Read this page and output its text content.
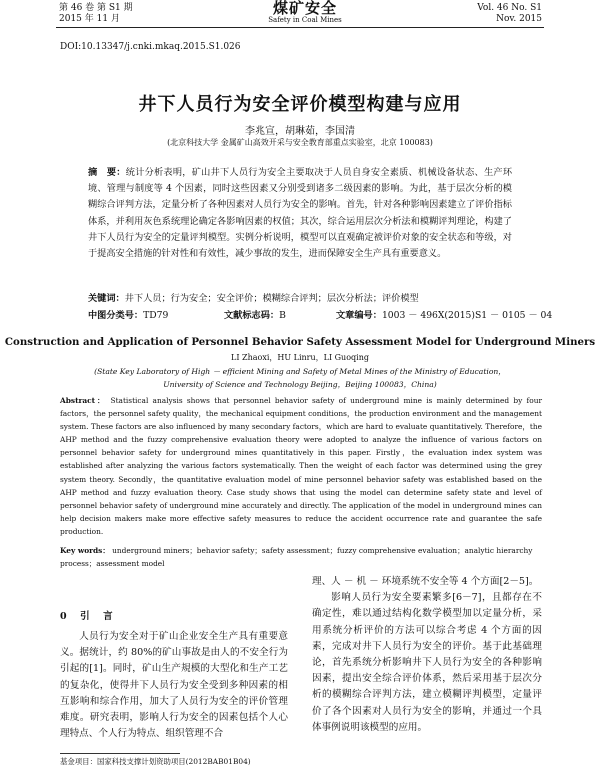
第 46 卷 第 S1 期
2015 年 11 月
煤矿安全
Safety in Coal Mines
Vol. 46 No. S1
Nov. 2015
DOI:10.13347/j.cnki.mkaq.2015.S1.026
井下人员行为安全评价模型构建与应用
李兆宣，胡琳茹，李国清
(北京科技大学 金属矿山高效开采与安全教育部重点实验室，北京 100083)
摘　要：统计分析表明，矿山井下人员行为安全主要取决于人员自身安全素质、机械设备状态、生产环境、管理与制度等 4 个因素，同时这些因素又分别受到诸多二级因素的影响。为此，基于层次分析的模糊综合评判方法，定量分析了各种因素对人员行为安全的影响。首先，针对各种影响因素建立了评价指标体系，并利用灰色系统理论确定各影响因素的权值；其次，综合运用层次分析法和模糊评判理论，构建了井下人员行为安全的定量评判模型。实例分析说明，模型可以直观确定被评价对象的安全状态和等级，对于提高安全措施的针对性和有效性，减少事故的发生，进而保障安全生产具有重要意义。
关键词：井下人员；行为安全；安全评价；模糊综合评判；层次分析法；评价模型
中图分类号：TD79	文献标志码：B	文章编号：1003 － 496X(2015)S1 － 0105 － 04
Construction and Application of Personnel Behavior Safety Assessment Model for Underground Miners
LI Zhaoxi，HU Linru，LI Guoqing
(State Key Laboratory of High － efficient Mining and Safety of Metal Mines of the Ministry of Education，University of Science and Technology Beijing，Beijing 100083，China)
Abstract： Statistical analysis shows that personnel behavior safety of underground mine is mainly determined by four factors，the personnel safety quality，the mechanical equipment conditions，the production environment and the management system. These factors are also influenced by many secondary factors，which are hard to evaluate quantitatively. Therefore，the AHP method and the fuzzy comprehensive evaluation theory were adopted to analyze the influence of various factors on personnel behavior safety for underground mines quantitatively in this paper. Firstly，the evaluation index system was established after analyzing the various factors systematically. Then the weight of each factor was determined using the grey system theory. Secondly，the quantitative evaluation model of mine personnel behavior safety was established based on the AHP method and fuzzy evaluation theory. Case study shows that using the model can determine safety state and level of personnel behavior safety of underground mine accurately and directly. The application of the model in underground mines can help decision makers make more effective safety measures to reduce the accident occurrence rate and guarantee the safe production.
Key words： underground miners；behavior safety；safety assessment；fuzzy comprehensive evaluation；analytic hierarchy process；assessment model
0　引　言

人员行为安全对于矿山企业安全生产具有重要意义。据统计，约 80%的矿山事故是由人的不安全行为引起的[1]。同时，矿山生产規模的大型化和生产工艺的复杂化，使得井下人员行为安全受到多种因素的相互影响和综合作用，加大了人员行为安全的评价管理难度。研究表明，影响人行为安全的因素包括个人心理特点、个人行为特点、组织管理不合

理、人 － 机 － 环境系统不安全等 4 个方面[2－5]。

影响人员行为安全要素繁多[6－7]，且都存在不确定性，难以通过结构化数学模型加以定量分析，采用系统分析评价的方法可以综合考虑 4 个方面的因素，完成对井下人员行为安全的评价。基于此基础理论，首先系统分析影响井下人员行为安全的各种影响因素，提出安全综合评价体系，然后采用基于层次分析的模糊综合评判方法，建立模糊评判模型，定量评价了各个因素对人员行为安全的影响，并通过一个具体事例说明该模型的应用。

基金项目：国家科技支撑计划资助项目(2012BAB01B04)
